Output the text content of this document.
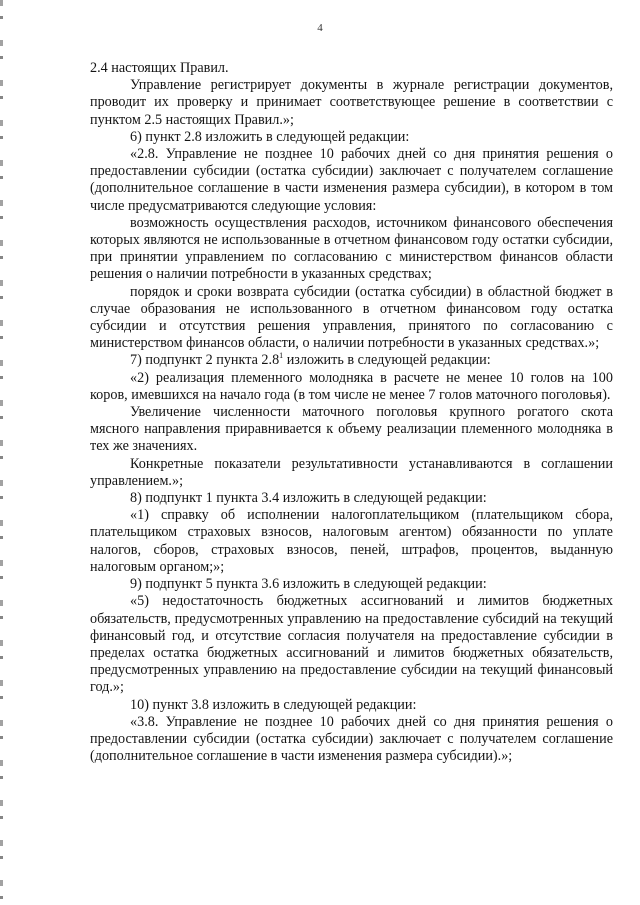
4

2.4 настоящих Правил.

Управление регистрирует документы в журнале регистрации документов, проводит их проверку и принимает соответствующее решение в соответствии с пунктом 2.5 настоящих Правил.»;

6) пункт 2.8 изложить в следующей редакции:

«2.8. Управление не позднее 10 рабочих дней со дня принятия решения о предоставлении субсидии (остатка субсидии) заключает с получателем соглашение (дополнительное соглашение в части изменения размера субсидии), в котором в том числе предусматриваются следующие условия:

возможность осуществления расходов, источником финансового обеспечения которых являются не использованные в отчетном финансовом году остатки субсидии, при принятии управлением по согласованию с министерством финансов области решения о наличии потребности в указанных средствах;

порядок и сроки возврата субсидии (остатка субсидии) в областной бюджет в случае образования не использованного в отчетном финансовом году остатка субсидии и отсутствия решения управления, принятого по согласованию с министерством финансов области, о наличии потребности в указанных средствах.»;

7) подпункт 2 пункта $2.8^1$ изложить в следующей редакции:

«2) реализация племенного молодняка в расчете не менее 10 голов на 100 коров, имевшихся на начало года (в том числе не менее 7 голов маточного поголовья).

Увеличение численности маточного поголовья крупного рогатого скота мясного направления приравнивается к объему реализации племенного молодняка в тех же значениях.

Конкретные показатели результативности устанавливаются в соглашении управлением.»;

8) подпункт 1 пункта 3.4 изложить в следующей редакции:

«1) справку об исполнении налогоплательщиком (плательщиком сбора, плательщиком страховых взносов, налоговым агентом) обязанности по уплате налогов, сборов, страховых взносов, пеней, штрафов, процентов, выданную налоговым органом;»;

9) подпункт 5 пункта 3.6 изложить в следующей редакции:

«5) недостаточность бюджетных ассигнований и лимитов бюджетных обязательств, предусмотренных управлению на предоставление субсидий на текущий финансовый год, и отсутствие согласия получателя на предоставление субсидии в пределах остатка бюджетных ассигнований и лимитов бюджетных обязательств, предусмотренных управлению на предоставление субсидии на текущий финансовый год.»;

10) пункт 3.8 изложить в следующей редакции:

«3.8. Управление не позднее 10 рабочих дней со дня принятия решения о предоставлении субсидии (остатка субсидии) заключает с получателем соглашение (дополнительное соглашение в части изменения размера субсидии).»;
